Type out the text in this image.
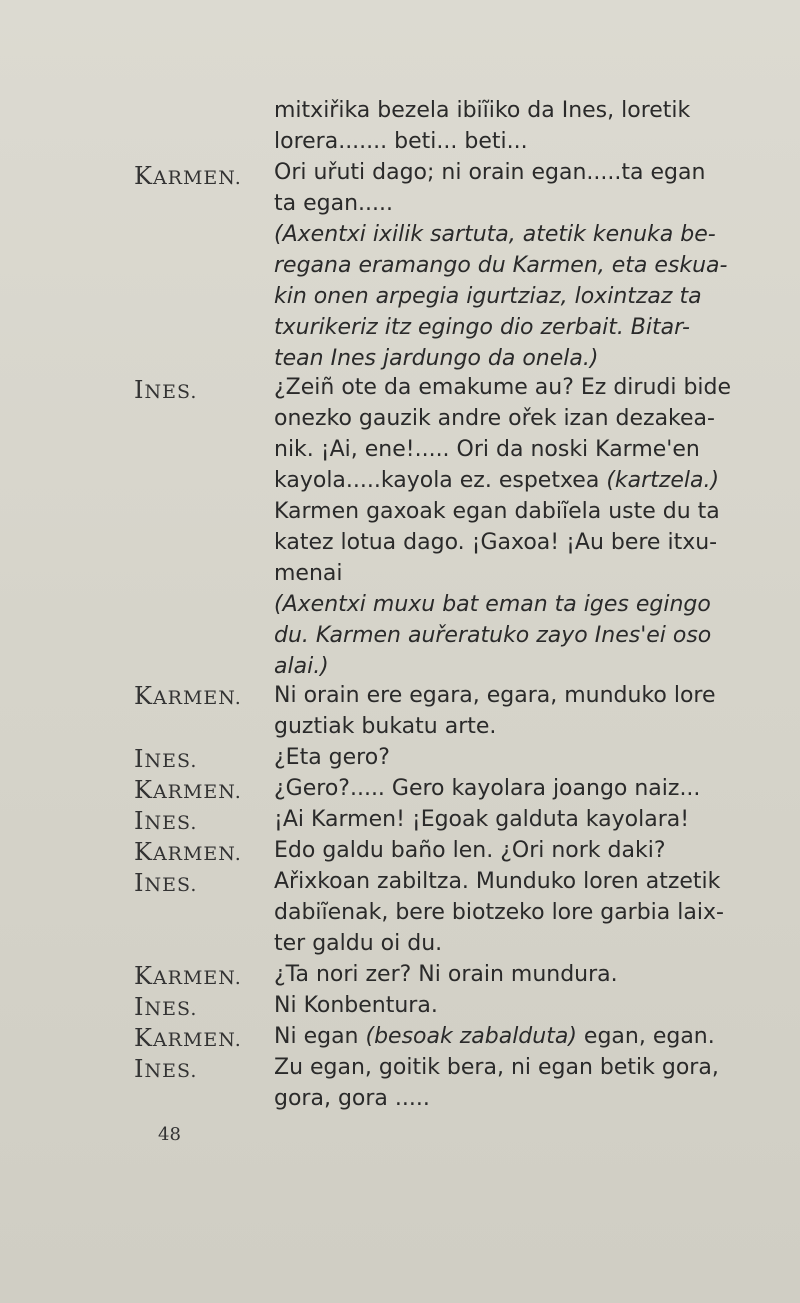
KARMEN.
INES.
KARMEN.
INES.
KARMEN.
INES.
KARMEN.
INES.
KARMEN.
INES.
KARMEN.
INES.
mitxiřika bezela ibiĩiko da Ines, loretik
lorera....... beti... beti...
Ori uřuti dago; ni orain egan.....ta egan
ta egan.....
(Axentxi ixilik sartuta, atetik kenuka be-
regana eramango du Karmen, eta eskua-
kin onen arpegia igurtziaz, loxintzaz ta
txurikeriz itz egingo dio zerbait. Bitar-
tean Ines jardungo da onela.)
¿Zeiñ ote da emakume au? Ez dirudi bide
onezko gauzik andre ořek izan dezakea-
nik. ¡Ai, ene!..... Ori da noski Karme'en
kayola.....kayola ez. espetxea (kartzela.)
Karmen gaxoak egan dabiĩela uste du ta
katez lotua dago. ¡Gaxoa! ¡Au bere itxu-
menai
(Axentxi muxu bat eman ta iges egingo
du. Karmen auřeratuko zayo Ines'ei oso
alai.)
Ni orain ere egara, egara, munduko lore
guztiak bukatu arte.
¿Eta gero?
¿Gero?..... Gero kayolara joango naiz...
¡Ai Karmen! ¡Egoak galduta kayolara!
Edo galdu baño len. ¿Ori nork daki?
Ařixkoan zabiltza. Munduko loren atzetik
dabiĩenak, bere biotzeko lore garbia laix-
ter galdu oi du.
¿Ta nori zer? Ni orain mundura.
Ni Konbentura.
Ni egan (besoak zabalduta) egan, egan.
Zu egan, goitik bera, ni egan betik gora,
gora, gora .....
48
